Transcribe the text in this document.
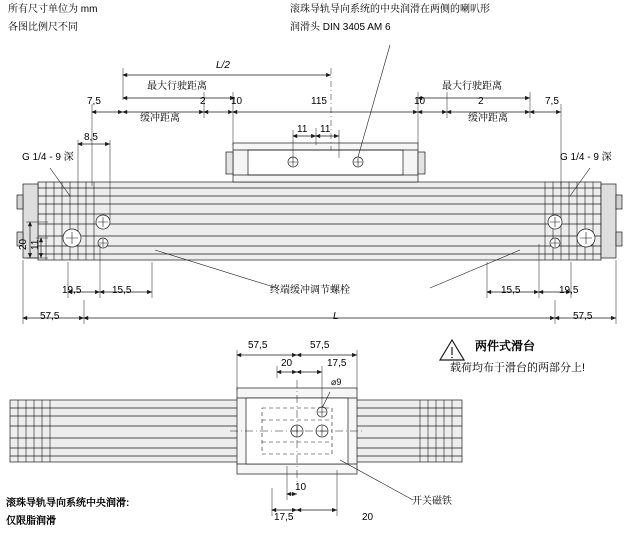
所有尺寸单位为 mm
各图比例尺不同
滚珠导轨导向系统的中央润滑在两侧的喇叭形
润滑头 DIN 3405 AM 6
L/2
最大行驶距离	最大行驶距离
7,5	2	10	115	10	2	7,5
缓冲距离	缓冲距离
11 11
8,5
G 1/4 - 9 深	G 1/4 - 9 深
20 11
19,5	15,5	终端缓冲调节螺栓	15,5	19,5
57,5	L	57,5
57,5	57,5
20	17,5
⌀9
两件式滑台
载荷均布于滑台的两部分上!
10
17,5	20
开关磁铁
滚珠导轨导向系统中央润滑:
仅限脂润滑
